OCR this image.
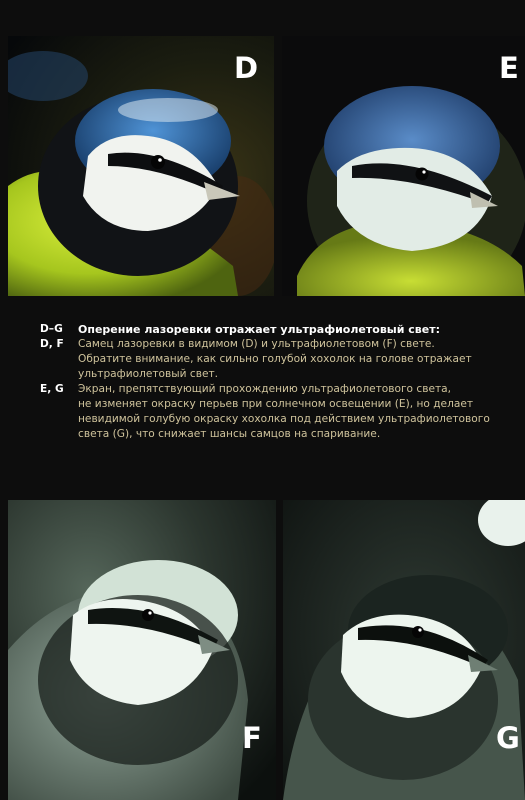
D	E
D–G	Оперение лазоревки отражает ультрафиолетовый свет:
D, F	Самец лазоревки в видимом (D) и ультрафиолетовом (F) свете.
Обратите внимание, как сильно голубой хохолок на голове отражает
ультрафиолетовый свет.
E, G	Экран, препятствующий прохождению ультрафиолетового света,
не изменяет окраску перьев при солнечном освещении (E), но делает
невидимой голубую окраску хохолка под действием ультрафиолетового
света (G), что снижает шансы самцов на спаривание.
F	G
